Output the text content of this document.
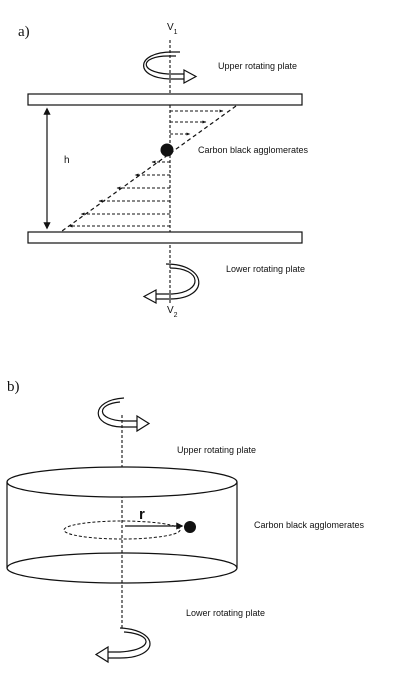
a)	$V_1$
Upper rotating plate
h
Carbon black agglomerates
Lower rotating plate
$V_2$
b)
Upper rotating plate
r
Carbon black agglomerates
Lower rotating plate
